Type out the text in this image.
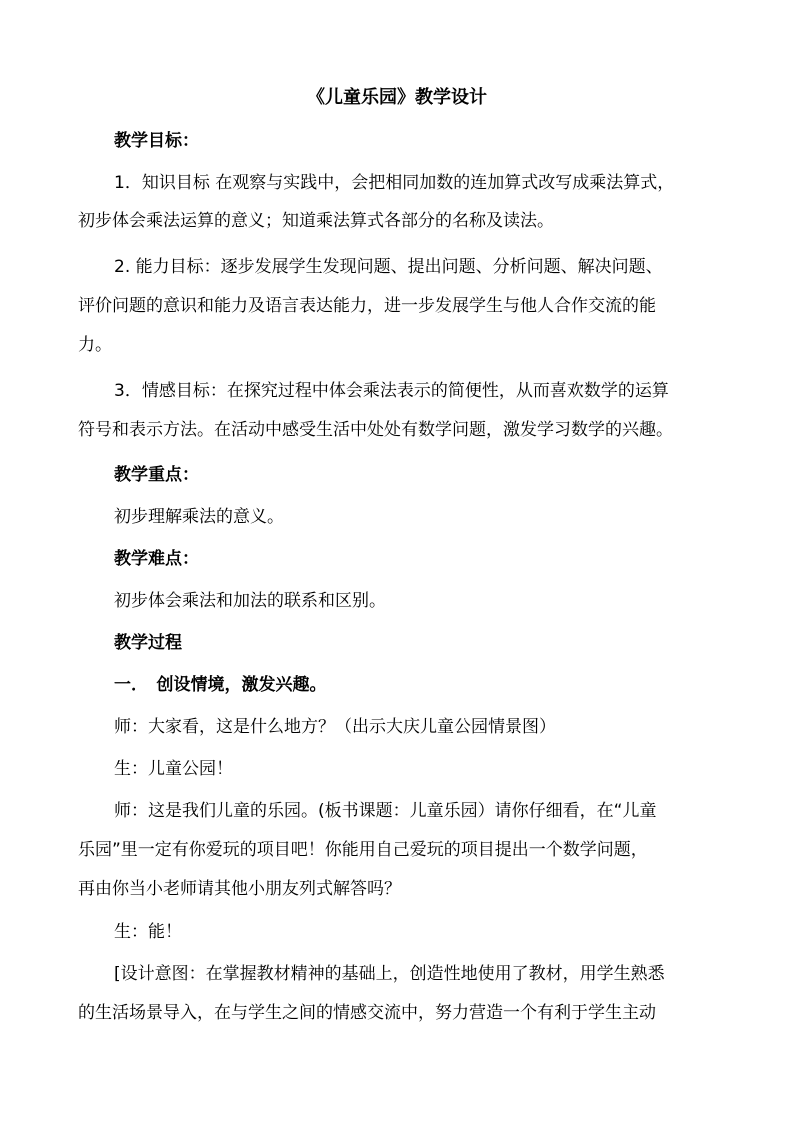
《儿童乐园》教学设计
教学目标：
1．知识目标 在观察与实践中，会把相同加数的连加算式改写成乘法算式，
初步体会乘法运算的意义；知道乘法算式各部分的名称及读法。
2. 能力目标：逐步发展学生发现问题、提出问题、分析问题、解决问题、
评价问题的意识和能力及语言表达能力，进一步发展学生与他人合作交流的能
力。
3．情感目标：在探究过程中体会乘法表示的简便性，从而喜欢数学的运算
符号和表示方法。在活动中感受生活中处处有数学问题，激发学习数学的兴趣。
教学重点：
初步理解乘法的意义。
教学难点：
初步体会乘法和加法的联系和区别。
教学过程
一．　创设情境，激发兴趣。
师：大家看，这是什么地方？（出示大庆儿童公园情景图）
生：儿童公园！
师：这是我们儿童的乐园。(板书课题：儿童乐园）请你仔细看，在“儿童
乐园”里一定有你爱玩的项目吧！你能用自己爱玩的项目提出一个数学问题，
再由你当小老师请其他小朋友列式解答吗？
生：能！
[设计意图：在掌握教材精神的基础上，创造性地使用了教材，用学生熟悉
的生活场景导入，在与学生之间的情感交流中，努力营造一个有利于学生主动
